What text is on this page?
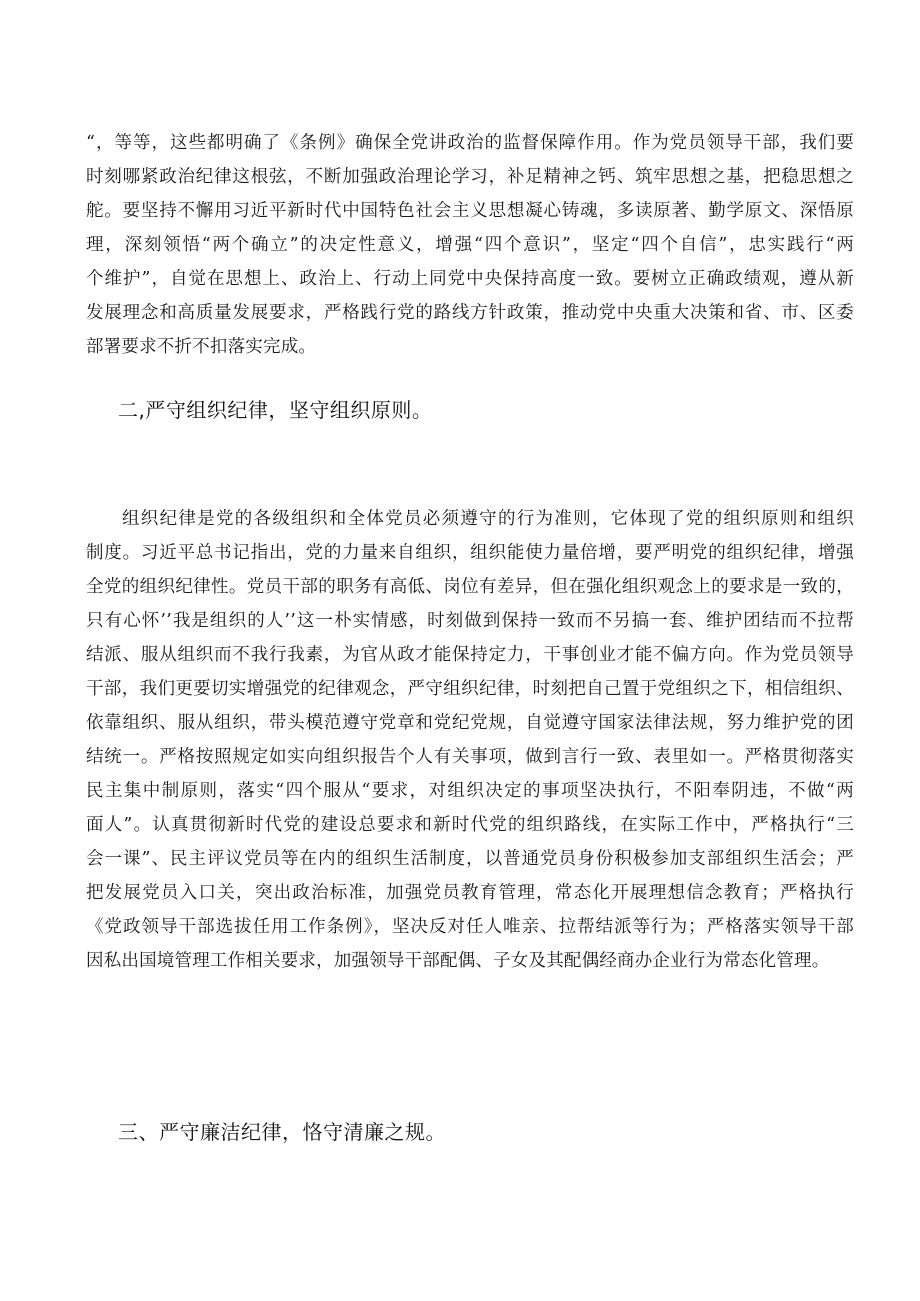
“，等等，这些都明确了《条例》确保全党讲政治的监督保障作用。作为党员领导干部，我们要

时刻哪紧政治纪律这根弦，不断加强政治理论学习，补足精神之钙、筑牢思想之基，把稳思想之

舵。要坚持不懈用习近平新时代中国特色社会主义思想凝心铸魂，多读原著、勤学原文、深悟原

理，深刻领悟“两个确立”的决定性意义，增强“四个意识”，坚定“四个自信”，忠实践行“两

个维护”，自觉在思想上、政治上、行动上同党中央保持高度一致。要树立正确政绩观，遵从新

发展理念和高质量发展要求，严格践行党的路线方针政策，推动党中央重大决策和省、市、区委

部署要求不折不扣落实完成。

二,严守组织纪律，坚守组织原则。

组织纪律是党的各级组织和全体党员必须遵守的行为准则，它体现了党的组织原则和组织

制度。习近平总书记指出，党的力量来自组织，组织能使力量倍增，要严明党的组织纪律，增强

全党的组织纪律性。党员干部的职务有高低、岗位有差异，但在强化组织观念上的要求是一致的，

只有心怀’’我是组织的人’’这一朴实情感，时刻做到保持一致而不另搞一套、维护团结而不拉帮

结派、服从组织而不我行我素，为官从政才能保持定力，干事创业才能不偏方向。作为党员领导

干部，我们更要切实增强党的纪律观念，严守组织纪律，时刻把自己置于党组织之下，相信组织、

依靠组织、服从组织，带头模范遵守党章和党纪党规，自觉遵守国家法律法规，努力维护党的团

结统一。严格按照规定如实向组织报告个人有关事项，做到言行一致、表里如一。严格贯彻落实

民主集中制原则，落实“四个服从“要求，对组织决定的事项坚决执行，不阳奉阴违，不做“两

面人”。认真贯彻新时代党的建设总要求和新时代党的组织路线，在实际工作中，严格执行“三

会一课”、民主评议党员等在内的组织生活制度，以普通党员身份积极参加支部组织生活会；严

把发展党员入口关，突出政治标准，加强党员教育管理，常态化开展理想信念教育；严格执行

《党政领导干部选拔任用工作条例》，坚决反对任人唯亲、拉帮结派等行为；严格落实领导干部

因私出国境管理工作相关要求，加强领导干部配偶、子女及其配偶经商办企业行为常态化管理。

三、严守廉洁纪律，恪守清廉之规。
